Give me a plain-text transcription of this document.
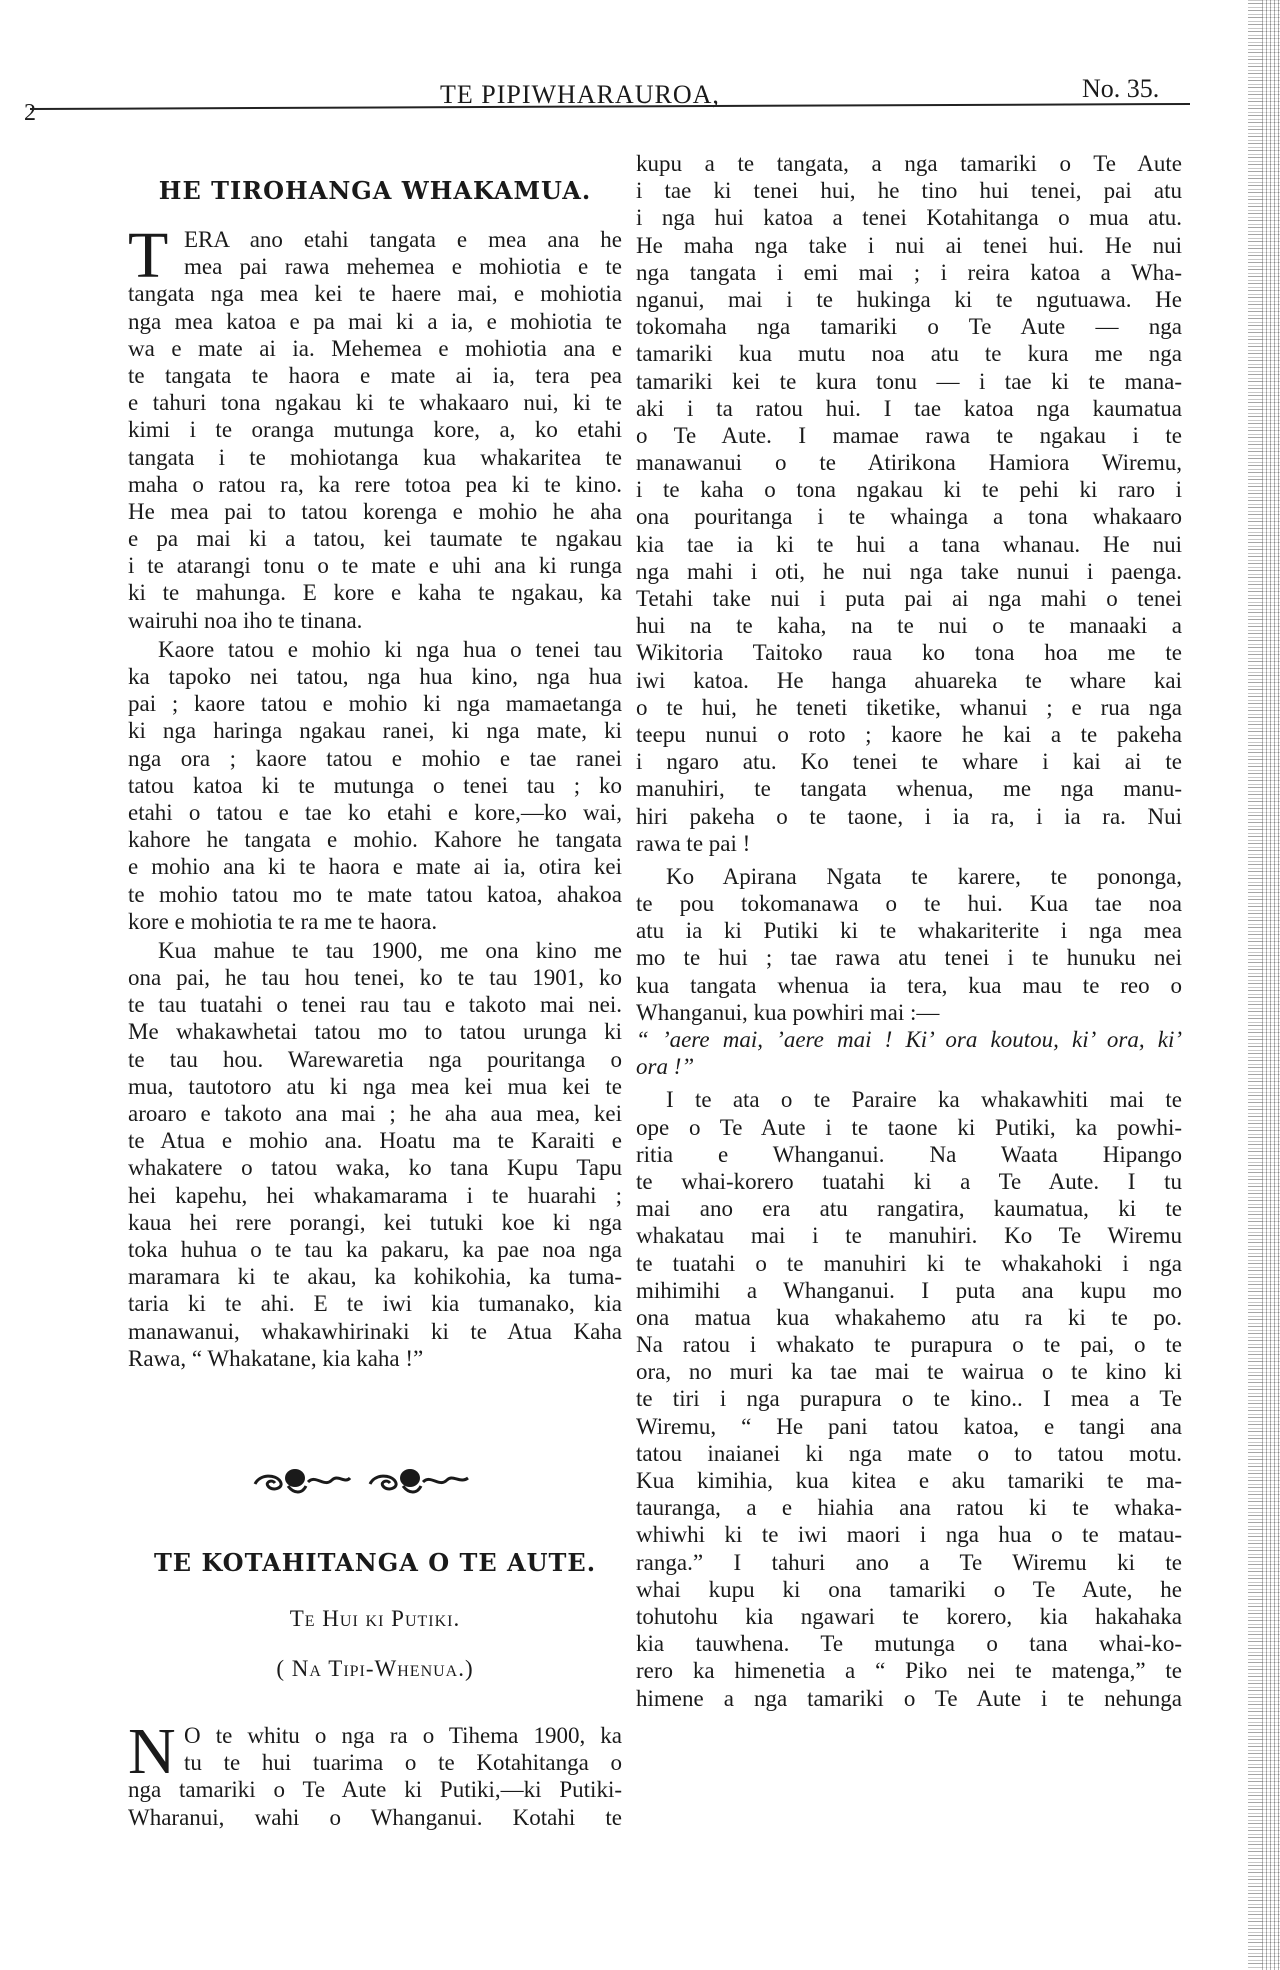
2
TE PIPIWHARAUROA,	No. 35.
HE TIROHANGA WHAKAMUA.
T ERA ano etahi tangata e mea ana he
mea pai rawa mehemea e mohiotia e te
tangata nga mea kei te haere mai, e mohiotia
nga mea katoa e pa mai ki a ia, e mohiotia te
wa e mate ai ia. Mehemea e mohiotia ana e
te tangata te haora e mate ai ia, tera pea
e tahuri tona ngakau ki te whakaaro nui, ki te
kimi i te oranga mutunga kore, a, ko etahi
tangata i te mohiotanga kua whakaritea te
maha o ratou ra, ka rere totoa pea ki te kino.
He mea pai to tatou korenga e mohio he aha
e pa mai ki a tatou, kei taumate te ngakau
i te atarangi tonu o te mate e uhi ana ki runga
ki te mahunga. E kore e kaha te ngakau, ka
wairuhi noa iho te tinana.
Kaore tatou e mohio ki nga hua o tenei tau
ka tapoko nei tatou, nga hua kino, nga hua
pai ; kaore tatou e mohio ki nga mamaetanga
ki nga haringa ngakau ranei, ki nga mate, ki
nga ora ; kaore tatou e mohio e tae ranei
tatou katoa ki te mutunga o tenei tau ; ko
etahi o tatou e tae ko etahi e kore,—ko wai,
kahore he tangata e mohio. Kahore he tangata
e mohio ana ki te haora e mate ai ia, otira kei
te mohio tatou mo te mate tatou katoa, ahakoa
kore e mohiotia te ra me te haora.
Kua mahue te tau 1900, me ona kino me
ona pai, he tau hou tenei, ko te tau 1901, ko
te tau tuatahi o tenei rau tau e takoto mai nei.
Me whakawhetai tatou mo to tatou urunga ki
te tau hou. Warewaretia nga pouritanga o
mua, tautotoro atu ki nga mea kei mua kei te
aroaro e takoto ana mai ; he aha aua mea, kei
te Atua e mohio ana. Hoatu ma te Karaiti e
whakatere o tatou waka, ko tana Kupu Tapu
hei kapehu, hei whakamarama i te huarahi ;
kaua hei rere porangi, kei tutuki koe ki nga
toka huhua o te tau ka pakaru, ka pae noa nga
maramara ki te akau, ka kohikohia, ka tuma-
taria ki te ahi. E te iwi kia tumanako, kia
manawanui, whakawhirinaki ki te Atua Kaha
Rawa, “ Whakatane, kia kaha !”
TE KOTAHITANGA O TE AUTE.
Te Hui ki Putiki.
( Na Tipi-Whenua.)
N O te whitu o nga ra o Tihema 1900, ka
tu te hui tuarima o te Kotahitanga o
nga tamariki o Te Aute ki Putiki,—ki Putiki-
Wharanui, wahi o Whanganui. Kotahi te
kupu a te tangata, a nga tamariki o Te Aute
i tae ki tenei hui, he tino hui tenei, pai atu
i nga hui katoa a tenei Kotahitanga o mua atu.
He maha nga take i nui ai tenei hui. He nui
nga tangata i emi mai ; i reira katoa a Wha-
nganui, mai i te hukinga ki te ngutuawa. He
tokomaha nga tamariki o Te Aute — nga
tamariki kua mutu noa atu te kura me nga
tamariki kei te kura tonu — i tae ki te mana-
aki i ta ratou hui. I tae katoa nga kaumatua
o Te Aute. I mamae rawa te ngakau i te
manawanui o te Atirikona Hamiora Wiremu,
i te kaha o tona ngakau ki te pehi ki raro i
ona pouritanga i te whainga a tona whakaaro
kia tae ia ki te hui a tana whanau. He nui
nga mahi i oti, he nui nga take nunui i paenga.
Tetahi take nui i puta pai ai nga mahi o tenei
hui na te kaha, na te nui o te manaaki a
Wikitoria Taitoko raua ko tona hoa me te
iwi katoa. He hanga ahuareka te whare kai
o te hui, he teneti tiketike, whanui ; e rua nga
teepu nunui o roto ; kaore he kai a te pakeha
i ngaro atu. Ko tenei te whare i kai ai te
manuhiri, te tangata whenua, me nga manu-
hiri pakeha o te taone, i ia ra, i ia ra. Nui
rawa te pai !
Ko Apirana Ngata te karere, te pononga,
te pou tokomanawa o te hui. Kua tae noa
atu ia ki Putiki ki te whakariterite i nga mea
mo te hui ; tae rawa atu tenei i te hunuku nei
kua tangata whenua ia tera, kua mau te reo o
Whanganui, kua powhiri mai :—
“ ’aere mai, ’aere mai ! Ki’ ora koutou, ki’ ora, ki’
ora !”
I te ata o te Paraire ka whakawhiti mai te
ope o Te Aute i te taone ki Putiki, ka powhi-
ritia e Whanganui. Na Waata Hipango
te whai-korero tuatahi ki a Te Aute. I tu
mai ano era atu rangatira, kaumatua, ki te
whakatau mai i te manuhiri. Ko Te Wiremu
te tuatahi o te manuhiri ki te whakahoki i nga
mihimihi a Whanganui. I puta ana kupu mo
ona matua kua whakahemo atu ra ki te po.
Na ratou i whakato te purapura o te pai, o te
ora, no muri ka tae mai te wairua o te kino ki
te tiri i nga purapura o te kino.. I mea a Te
Wiremu, “ He pani tatou katoa, e tangi ana
tatou inaianei ki nga mate o to tatou motu.
Kua kimihia, kua kitea e aku tamariki te ma-
tauranga, a e hiahia ana ratou ki te whaka-
whiwhi ki te iwi maori i nga hua o te matau-
ranga.” I tahuri ano a Te Wiremu ki te
whai kupu ki ona tamariki o Te Aute, he
tohutohu kia ngawari te korero, kia hakahaka
kia tauwhena. Te mutunga o tana whai-ko-
rero ka himenetia a “ Piko nei te matenga,” te
himene a nga tamariki o Te Aute i te nehunga
